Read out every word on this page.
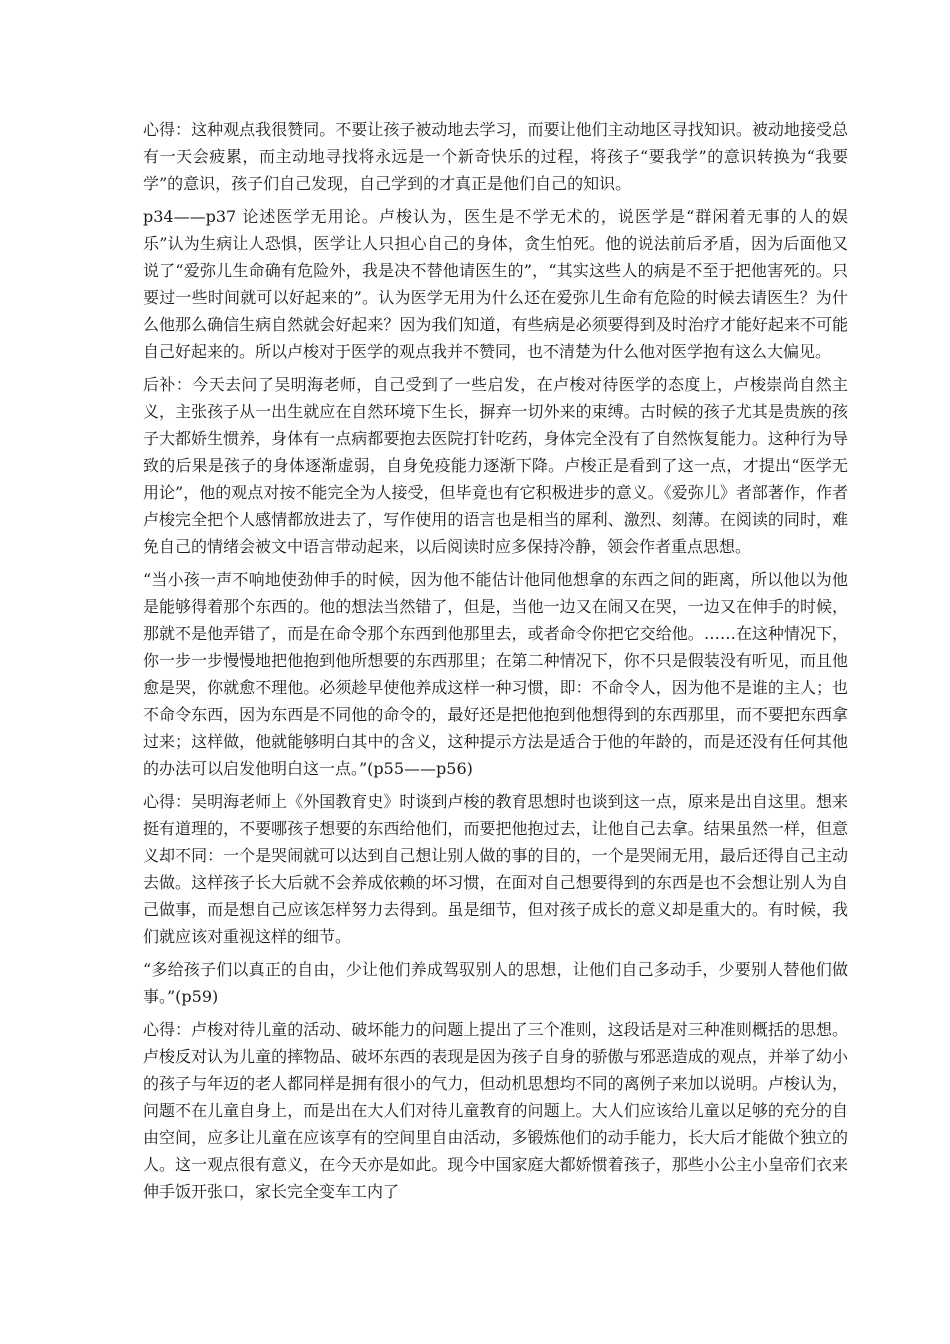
心得：这种观点我很赞同。不要让孩子被动地去学习，而要让他们主动地区寻找知识。被动地接受总有一天会疲累，而主动地寻找将永远是一个新奇快乐的过程，将孩子“要我学”的意识转换为“我要学”的意识，孩子们自己发现，自己学到的才真正是他们自己的知识。

p34——p37 论述医学无用论。卢梭认为，医生是不学无术的，说医学是“群闲着无事的人的娱乐”认为生病让人恐惧，医学让人只担心自己的身体，贪生怕死。他的说法前后矛盾，因为后面他又说了“爱弥儿生命确有危险外，我是决不替他请医生的”，“其实这些人的病是不至于把他害死的。只要过一些时间就可以好起来的”。认为医学无用为什么还在爱弥儿生命有危险的时候去请医生？为什么他那么确信生病自然就会好起来？因为我们知道，有些病是必须要得到及时治疗才能好起来不可能自己好起来的。所以卢梭对于医学的观点我并不赞同，也不清楚为什么他对医学抱有这么大偏见。

后补：今天去问了吴明海老师，自己受到了一些启发，在卢梭对待医学的态度上，卢梭崇尚自然主义，主张孩子从一出生就应在自然环境下生长，摒弃一切外来的束缚。古时候的孩子尤其是贵族的孩子大都娇生惯养，身体有一点病都要抱去医院打针吃药，身体完全没有了自然恢复能力。这种行为导致的后果是孩子的身体逐渐虚弱，自身免疫能力逐渐下降。卢梭正是看到了这一点，才提出“医学无用论”，他的观点对按不能完全为人接受，但毕竟也有它积极进步的意义。《爱弥儿》者部著作，作者卢梭完全把个人感情都放进去了，写作使用的语言也是相当的犀利、激烈、刻薄。在阅读的同时，难免自己的情绪会被文中语言带动起来，以后阅读时应多保持冷静，领会作者重点思想。

“当小孩一声不响地使劲伸手的时候，因为他不能估计他同他想拿的东西之间的距离，所以他以为他是能够得着那个东西的。他的想法当然错了，但是，当他一边又在闹又在哭，一边又在伸手的时候，那就不是他弄错了，而是在命令那个东西到他那里去，或者命令你把它交给他。……在这种情况下，你一步一步慢慢地把他抱到他所想要的东西那里；在第二种情况下，你不只是假装没有听见，而且他愈是哭，你就愈不理他。必须趁早使他养成这样一种习惯，即：不命令人，因为他不是谁的主人；也不命令东西，因为东西是不同他的命令的，最好还是把他抱到他想得到的东西那里，而不要把东西拿过来；这样做，他就能够明白其中的含义，这种提示方法是适合于他的年龄的，而是还没有任何其他的办法可以启发他明白这一点。”(p55——p56)

心得：吴明海老师上《外国教育史》时谈到卢梭的教育思想时也谈到这一点，原来是出自这里。想来挺有道理的，不要哪孩子想要的东西给他们，而要把他抱过去，让他自己去拿。结果虽然一样，但意义却不同：一个是哭闹就可以达到自己想让别人做的事的目的，一个是哭闹无用，最后还得自己主动去做。这样孩子长大后就不会养成依赖的坏习惯，在面对自己想要得到的东西是也不会想让别人为自己做事，而是想自己应该怎样努力去得到。虽是细节，但对孩子成长的意义却是重大的。有时候，我们就应该对重视这样的细节。

“多给孩子们以真正的自由，少让他们养成驾驭别人的思想，让他们自己多动手，少要别人替他们做事。”(p59)

心得：卢梭对待儿童的活动、破坏能力的问题上提出了三个准则，这段话是对三种准则概括的思想。卢梭反对认为儿童的摔物品、破坏东西的表现是因为孩子自身的骄傲与邪恶造成的观点，并举了幼小的孩子与年迈的老人都同样是拥有很小的气力，但动机思想均不同的离例子来加以说明。卢梭认为，问题不在儿童自身上，而是出在大人们对待儿童教育的问题上。大人们应该给儿童以足够的充分的自由空间，应多让儿童在应该享有的空间里自由活动，多锻炼他们的动手能力，长大后才能做个独立的人。这一观点很有意义，在今天亦是如此。现今中国家庭大都娇惯着孩子，那些小公主小皇帝们衣来伸手饭开张口，家长完全变车工内了
